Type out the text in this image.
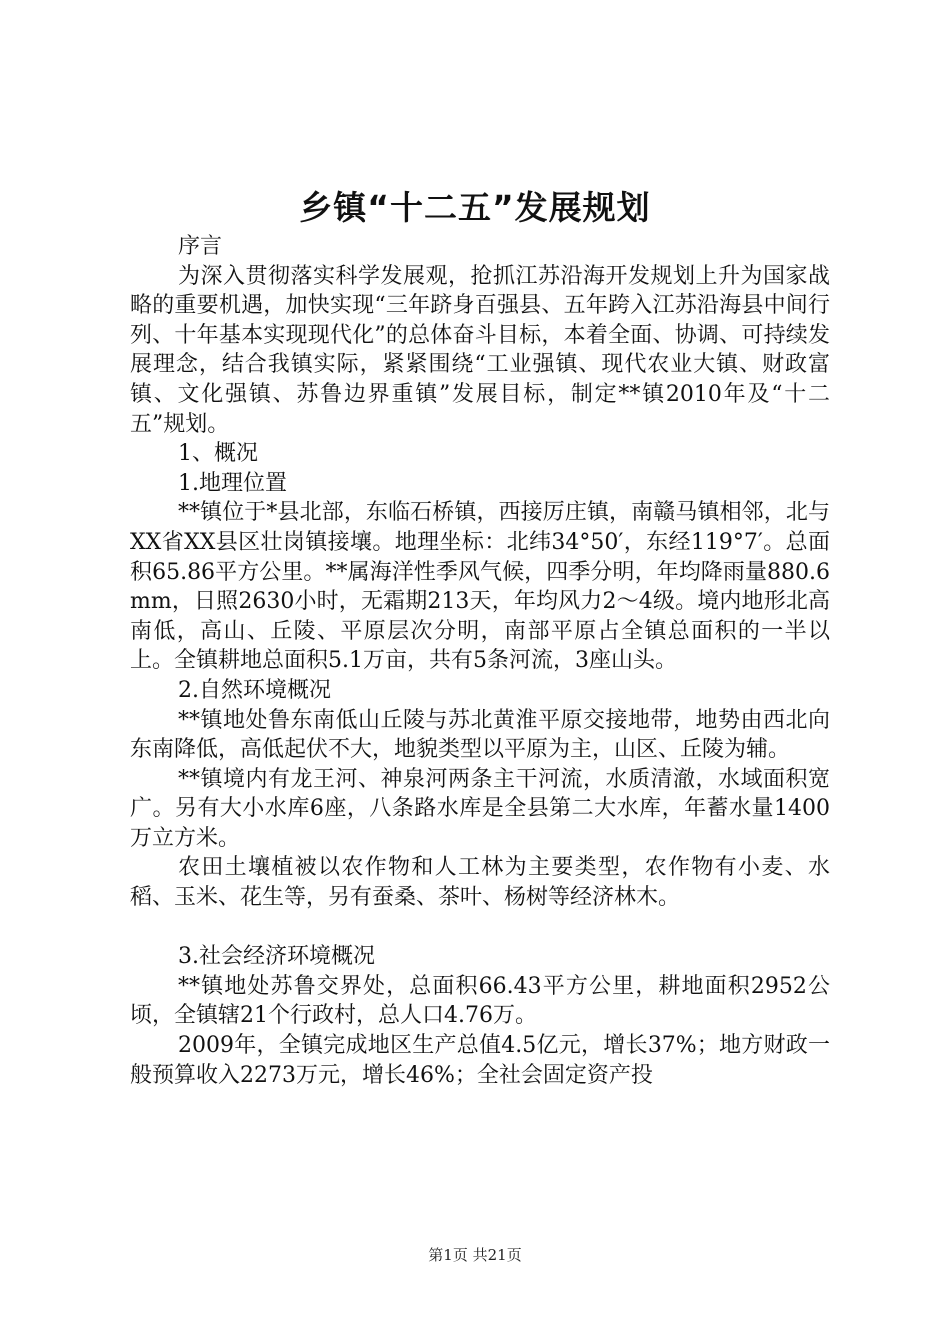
乡镇“十二五”发展规划

序言

为深入贯彻落实科学发展观，抢抓江苏沿海开发规划上升为国家战略的重要机遇，加快实现“三年跻身百强县、五年跨入江苏沿海县中间行列、十年基本实现现代化”的总体奋斗目标，本着全面、协调、可持续发展理念，结合我镇实际，紧紧围绕“工业强镇、现代农业大镇、财政富镇、文化强镇、苏鲁边界重镇”发展目标，制定**镇2010年及“十二五”规划。

1、概况

1.地理位置

**镇位于*县北部，东临石桥镇，西接厉庄镇，南赣马镇相邻，北与XX省XX县区壮岗镇接壤。地理坐标：北纬34°50′，东经119°7′。总面积65.86平方公里。**属海洋性季风气候，四季分明，年均降雨量880.6mm，日照2630小时，无霜期213天，年均风力2～4级。境内地形北高南低，高山、丘陵、平原层次分明，南部平原占全镇总面积的一半以上。全镇耕地总面积5.1万亩，共有5条河流，3座山头。

2.自然环境概况

**镇地处鲁东南低山丘陵与苏北黄淮平原交接地带，地势由西北向东南降低，高低起伏不大，地貌类型以平原为主，山区、丘陵为辅。

**镇境内有龙王河、神泉河两条主干河流，水质清澈，水域面积宽广。另有大小水库6座，八条路水库是全县第二大水库，年蓄水量1400万立方米。

农田土壤植被以农作物和人工林为主要类型，农作物有小麦、水稻、玉米、花生等，另有蚕桑、茶叶、杨树等经济林木。

3.社会经济环境概况

**镇地处苏鲁交界处，总面积66.43平方公里，耕地面积2952公顷，全镇辖21个行政村，总人口4.76万。

2009年，全镇完成地区生产总值4.5亿元，增长37%；地方财政一般预算收入2273万元，增长46%；全社会固定资产投

第1页 共21页
